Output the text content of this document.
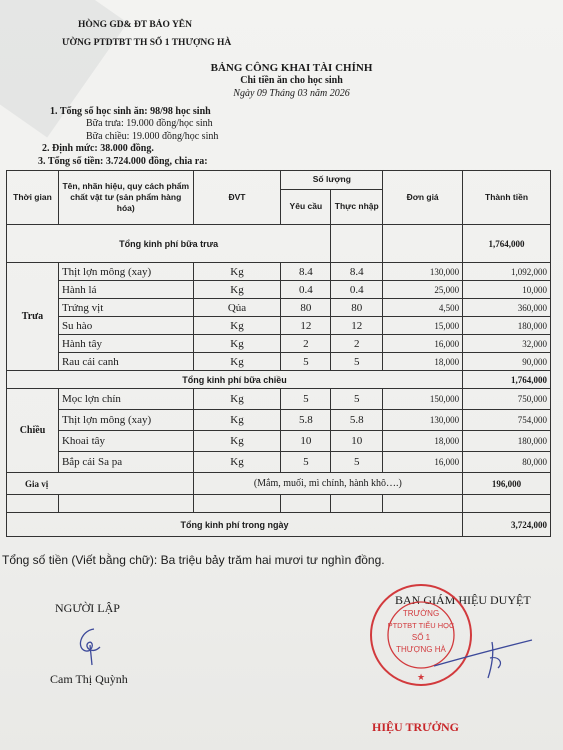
HÒNG GD& ĐT BẢO YÊN
ƯỜNG PTDTBT TH SỐ 1 THƯỢNG HÀ
BẢNG CÔNG KHAI TÀI CHÍNH
Chi tiền ăn cho học sinh
Ngày 09 Tháng 03 năm 2026
1. Tổng số học sinh ăn: 98/98 học sinh
Bữa trưa: 19.000 đồng/học sinh
Bữa chiều: 19.000 đồng/học sinh
2. Định mức: 38.000 đồng.
3. Tổng số tiền: 3.724.000 đồng, chia ra:
Thời gian	Tên, nhãn hiệu, quy cách phẩm chất vật tư (sản phẩm hàng hóa)	ĐVT	Số lượng		Đơn giá	Thành tiền
			Yêu cầu	Thực nhập		
Tổng kinh phí bữa trưa						1,764,000
Trưa	Thịt lợn mông (xay)	Kg	8.4	8.4	130,000	1,092,000
	Hành lá	Kg	0.4	0.4	25,000	10,000
	Trứng vịt	Qủa	80	80	4,500	360,000
	Su hào	Kg	12	12	15,000	180,000
	Hành tây	Kg	2	2	16,000	32,000
	Rau cải canh	Kg	5	5	18,000	90,000
Tổng kinh phí bữa chiều						1,764,000
Chiều	Mọc lợn chín	Kg	5	5	150,000	750,000
	Thịt lợn mông (xay)	Kg	5.8	5.8	130,000	754,000
	Khoai tây	Kg	10	10	18,000	180,000
	Bắp cải Sa pa	Kg	5	5	16,000	80,000
Gia vị		(Mắm, muối, mì chính, hành khô….)				196,000

Tổng kinh phí trong ngày						3,724,000
Tổng số tiền (Viết bằng chữ): Ba triệu bảy trăm hai mươi tư nghìn đồng.
NGƯỜI LẬP
BAN GIÁM HIỆU DUYỆT
Cam Thị Quỳnh
TRƯỜNG
PTDTBT TIỂU HỌC
SỐ 1
THƯỢNG HÀ
★
HIỆU TRƯỞNG
